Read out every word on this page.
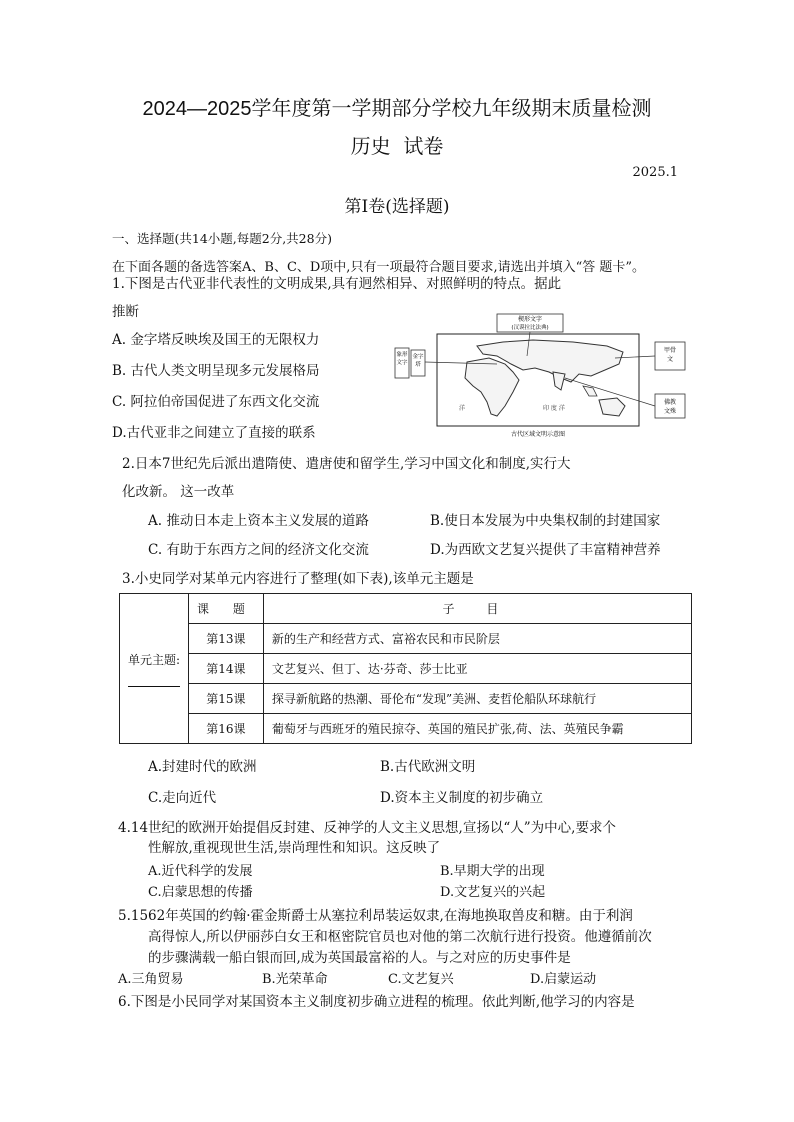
2024—2025学年度第一学期部分学校九年级期末质量检测
历史  试卷
2025.1
第Ⅰ卷(选择题)
一、选择题(共14小题,每题2分,共28分)
在下面各题的备选答案A、B、C、D项中,只有一项最符合题目要求,请选出并填入“答 题卡”。
1.下图是古代亚非代表性的文明成果,具有迥然相异、对照鲜明的特点。据此
推断
A. 金字塔反映埃及国王的无限权力
B. 古代人类文明呈现多元发展格局
C. 阿拉伯帝国促进了东西文化交流
D.古代亚非之间建立了直接的联系
楔形文字
(汉谟拉比法典)
象形文字
金字塔
甲骨文
佛教文殊
洋	印 度 洋
古代区域文明示意图
2.日本7世纪先后派出遣隋使、遣唐使和留学生,学习中国文化和制度,实行大
化改新。 这一改革
A. 推动日本走上资本主义发展的道路	B.使日本发展为中央集权制的封建国家
C. 有助于东西方之间的经济文化交流	D.为西欧文艺复兴提供了丰富精神营养
3.小史同学对某单元内容进行了整理(如下表),该单元主题是
单元主题:	课 题	子 目
	第13课	新的生产和经营方式、富裕农民和市民阶层
	第14课	文艺复兴、但丁、达·芬奇、莎士比亚
	第15课	探寻新航路的热潮、哥伦布“发现”美洲、麦哲伦船队环球航行
	第16课	葡萄牙与西班牙的殖民掠夺、英国的殖民扩张,荷、法、英殖民争霸
A.封建时代的欧洲	B.古代欧洲文明
C.走向近代	D.资本主义制度的初步确立
4.14世纪的欧洲开始提倡反封建、反神学的人文主义思想,宣扬以“人”为中心,要求个
性解放,重视现世生活,崇尚理性和知识。这反映了
A.近代科学的发展	B.早期大学的出现
C.启蒙思想的传播	D.文艺复兴的兴起
5.1562年英国的约翰·霍金斯爵士从塞拉利昂装运奴隶,在海地换取兽皮和糖。由于利润
高得惊人,所以伊丽莎白女王和枢密院官员也对他的第二次航行进行投资。他遵循前次
的步骤满载一船白银而回,成为英国最富裕的人。与之对应的历史事件是
A.三角贸易	B.光荣革命	C.文艺复兴	D.启蒙运动
6.下图是小民同学对某国资本主义制度初步确立进程的梳理。依此判断,他学习的内容是
